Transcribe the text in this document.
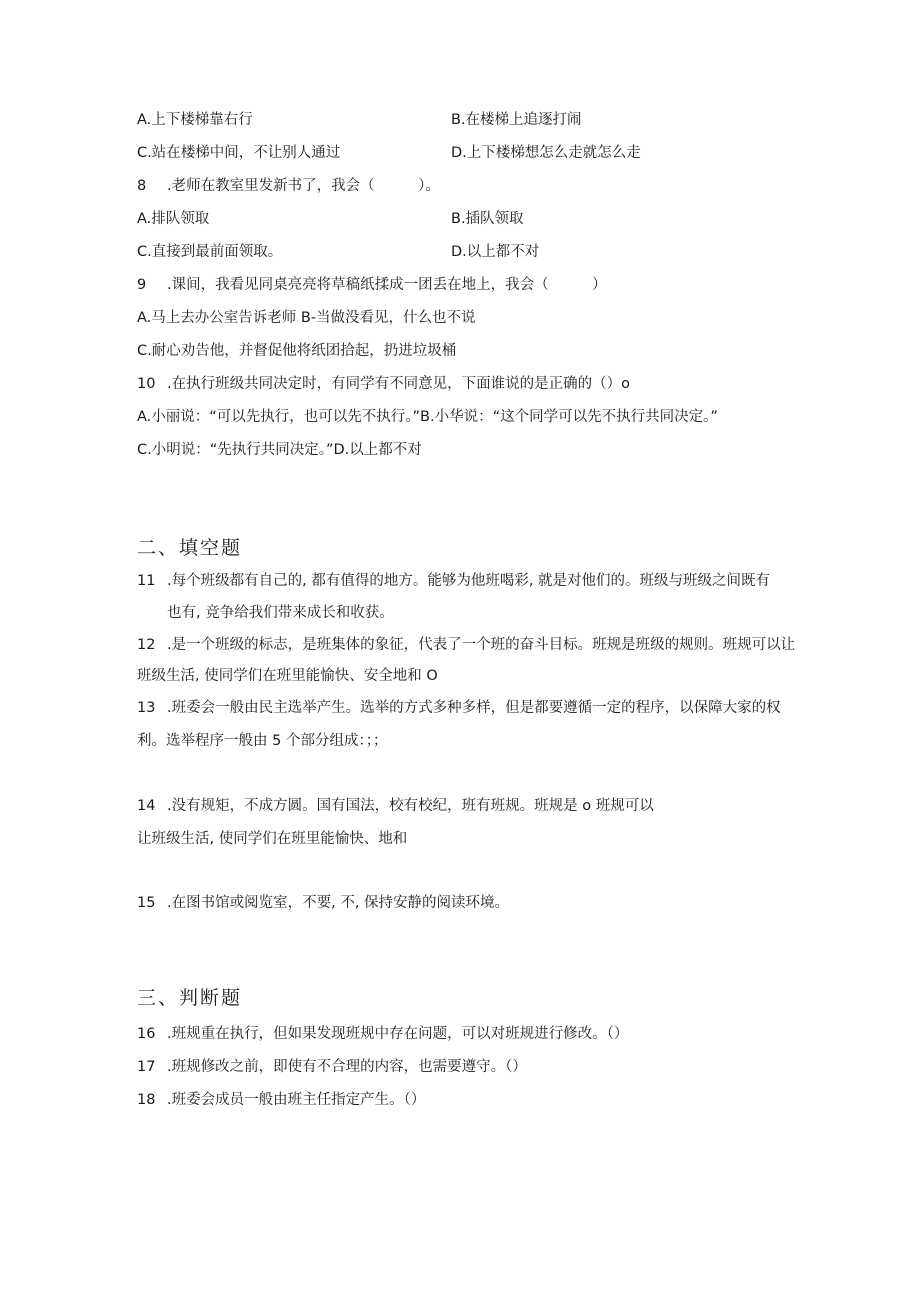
A.上下楼梯靠右行	B.在楼梯上追逐打闹
C.站在楼梯中间，不让别人通过	D.上下楼梯想怎么走就怎么走
8 .老师在教室里发新书了，我会（　　　）。
A.排队领取	B.插队领取
C.直接到最前面领取。	D.以上都不对
9 .课间，我看见同桌亮亮将草稿纸揉成一团丢在地上，我会（　　　）
A.马上去办公室告诉老师 B-当做没看见，什么也不说
C.耐心劝告他，并督促他将纸团拾起，扔进垃圾桶
10 .在执行班级共同决定时，有同学有不同意见，下面谁说的是正确的（）o
A.小丽说：“可以先执行，也可以先不执行。”B.小华说：“这个同学可以先不执行共同决定。”
C.小明说：“先执行共同决定。”D.以上都不对
二、填空题
11 .每个班级都有自己的, 都有值得的地方。能够为他班喝彩, 就是对他们的。班级与班级之间既有
也有, 竞争给我们带来成长和收获。
12 .是一个班级的标志，是班集体的象征，代表了一个班的奋斗目标。班规是班级的规则。班规可以让
班级生活, 使同学们在班里能愉快、安全地和 O
13 .班委会一般由民主选举产生。选举的方式多种多样，但是都要遵循一定的程序，以保障大家的权
利。选举程序一般由 5 个部分组成：；；
14 .没有规矩，不成方圆。国有国法，校有校纪，班有班规。班规是 o 班规可以
让班级生活, 使同学们在班里能愉快、地和
15 .在图书馆或阅览室，不要, 不, 保持安静的阅读环境。
三、判断题
16 .班规重在执行，但如果发现班规中存在问题，可以对班规进行修改。（）
17 .班规修改之前，即使有不合理的内容，也需要遵守。（）
18 .班委会成员一般由班主任指定产生。（）
